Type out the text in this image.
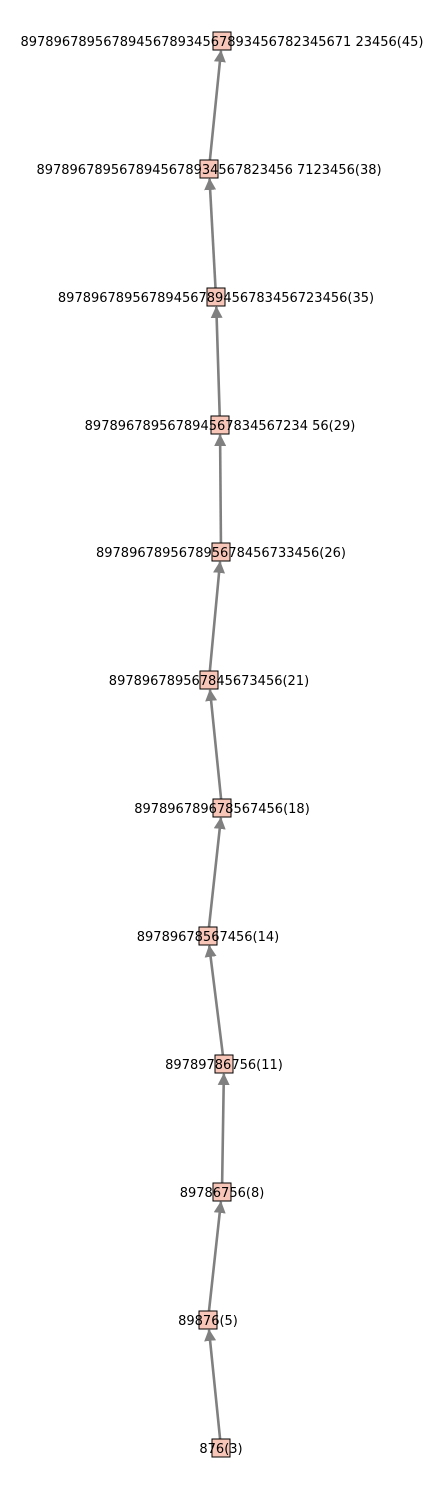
876(3)
89876(5)
89786756(8)
89789786756(11)
89789678567456(14)
897896789678567456(18)
897896789567845673456(21)
897896789567895678456733456(26)
897896789567894567834567234 56(29)
89789678956789456789456783456723456(35)
8978967895678945678934567823456 7123456(38)
8978967895678945678934567893456782345671 23456(45)
